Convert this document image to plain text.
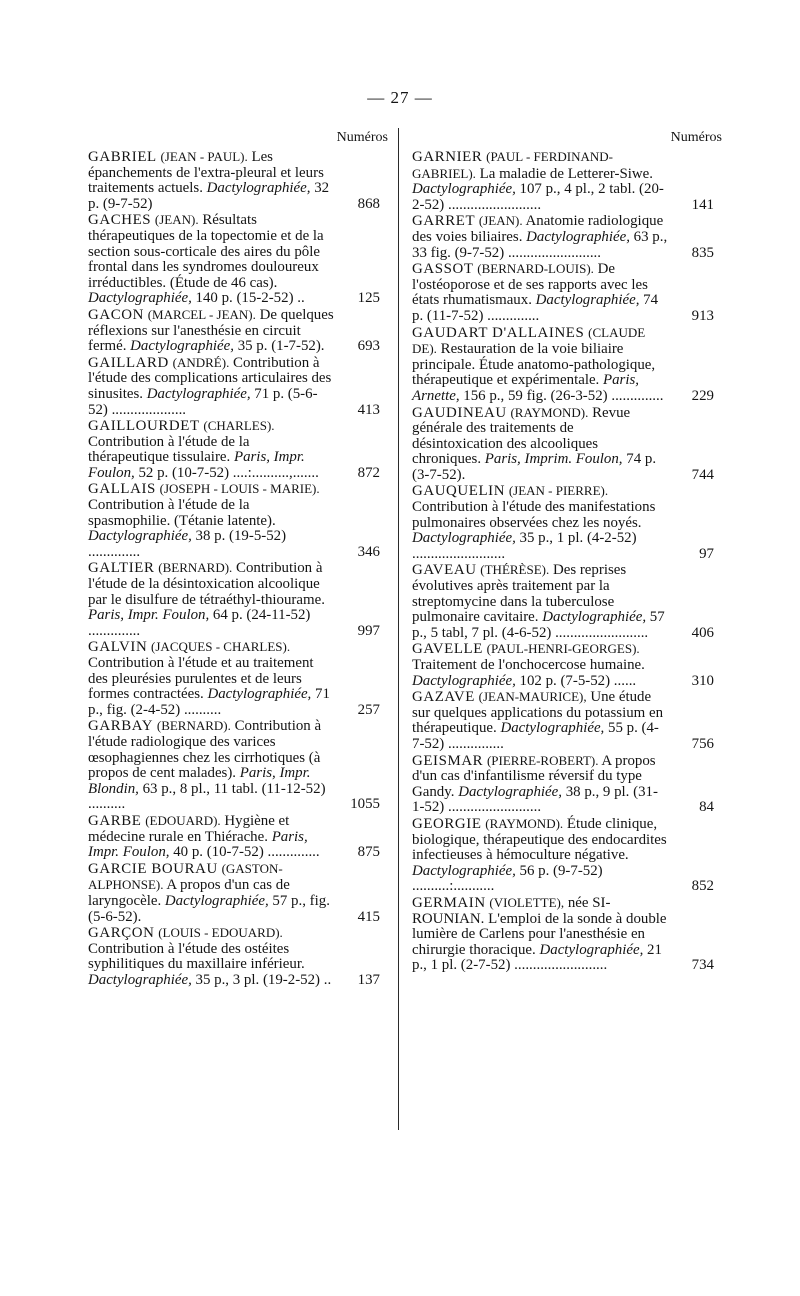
— 27 —
Numéros
GABRIEL (JEAN - PAUL). Les épanchements de l'extra-pleural et leurs traitements actuels. Dactylographiée, 32 p. (9-7-52)	868
GACHES (JEAN). Résultats thérapeutiques de la topectomie et de la section sous-corticale des aires du pôle frontal dans les syndromes douloureux irréductibles. (Étude de 46 cas). Dactylographiée, 140 p. (15-2-52) ..	125
GACON (MARCEL - JEAN). De quelques réflexions sur l'anesthésie en circuit fermé. Dactylographiée, 35 p. (1-7-52).	693
GAILLARD (ANDRÉ). Contribution à l'étude des complications articulaires des sinusites. Dactylographiée, 71 p. (5-6-52) ....................	413
GAILLOURDET (CHARLES). Contribution à l'étude de la thérapeutique tissulaire. Paris, Impr. Foulon, 52 p. (10-7-52) ....:..........,.......	872
GALLAIS (JOSEPH - LOUIS - MARIE). Contribution à l'étude de la spasmophilie. (Tétanie latente). Dactylographiée, 38 p. (19-5-52) ..............	346
GALTIER (BERNARD). Contribution à l'étude de la désintoxication alcoolique par le disulfure de tétraéthyl-thiourame. Paris, Impr. Foulon, 64 p. (24-11-52) ..............	997
GALVIN (JACQUES - CHARLES). Contribution à l'étude et au traitement des pleurésies purulentes et de leurs formes contractées. Dactylographiée, 71 p., fig. (2-4-52) ..........	257
GARBAY (BERNARD). Contribution à l'étude radiologique des varices œsophagiennes chez les cirrhotiques (à propos de cent malades). Paris, Impr. Blondin, 63 p., 8 pl., 11 tabl. (11-12-52) ..........	1055
GARBE (EDOUARD). Hygiène et médecine rurale en Thiérache. Paris, Impr. Foulon, 40 p. (10-7-52) ..............	875
GARCIE BOURAU (GASTON-ALPHONSE). A propos d'un cas de laryngocèle. Dactylographiée, 57 p., fig. (5-6-52).	415
GARÇON (LOUIS - EDOUARD). Contribution à l'étude des ostéites syphilitiques du maxillaire inférieur. Dactylographiée, 35 p., 3 pl. (19-2-52) .. 137
Numéros
GARNIER (PAUL - FERDINAND-GABRIEL). La maladie de Letterer-Siwe. Dactylographiée, 107 p., 4 pl., 2 tabl. (20-2-52) .........................	141
GARRET (JEAN). Anatomie radiologique des voies biliaires. Dactylographiée, 63 p., 33 fig. (9-7-52) .........................	835
GASSOT (BERNARD-LOUIS). De l'ostéoporose et de ses rapports avec les états rhumatismaux. Dactylographiée, 74 p. (11-7-52) ..............	913
GAUDART D'ALLAINES (CLAUDE DE). Restauration de la voie biliaire principale. Étude anatomo-pathologique, thérapeutique et expérimentale. Paris, Arnette, 156 p., 59 fig. (26-3-52) ..............	229
GAUDINEAU (RAYMOND). Revue générale des traitements de désintoxication des alcooliques chroniques. Paris, Imprim. Foulon, 74 p. (3-7-52).	744
GAUQUELIN (JEAN - PIERRE). Contribution à l'étude des manifestations pulmonaires observées chez les noyés. Dactylographiée, 35 p., 1 pl. (4-2-52) .........................	97
GAVEAU (THÉRÈSE). Des reprises évolutives après traitement par la streptomycine dans la tuberculose pulmonaire cavitaire. Dactylographiée, 57 p., 5 tabl, 7 pl. (4-6-52) .........................	406
GAVELLE (PAUL-HENRI-GEORGES). Traitement de l'onchocercose humaine. Dactylographiée, 102 p. (7-5-52) ......	310
GAZAVE (JEAN-MAURICE), Une étude sur quelques applications du potassium en thérapeutique. Dactylographiée, 55 p. (4-7-52) ...............	756
GEISMAR (PIERRE-ROBERT). A propos d'un cas d'infantilisme réversif du type Gandy. Dactylographiée, 38 p., 9 pl. (31-1-52) .........................	84
GEORGIE (RAYMOND). Étude clinique, biologique, thérapeutique des endocardites infectieuses à hémoculture négative. Dactylographiée, 56 p. (9-7-52) ..........:...........	852
GERMAIN (VIOLETTE), née SI-ROUNIAN. L'emploi de la sonde à double lumière de Carlens pour l'anesthésie en chirurgie thoracique. Dactylographiée, 21 p., 1 pl. (2-7-52) .........................	734
